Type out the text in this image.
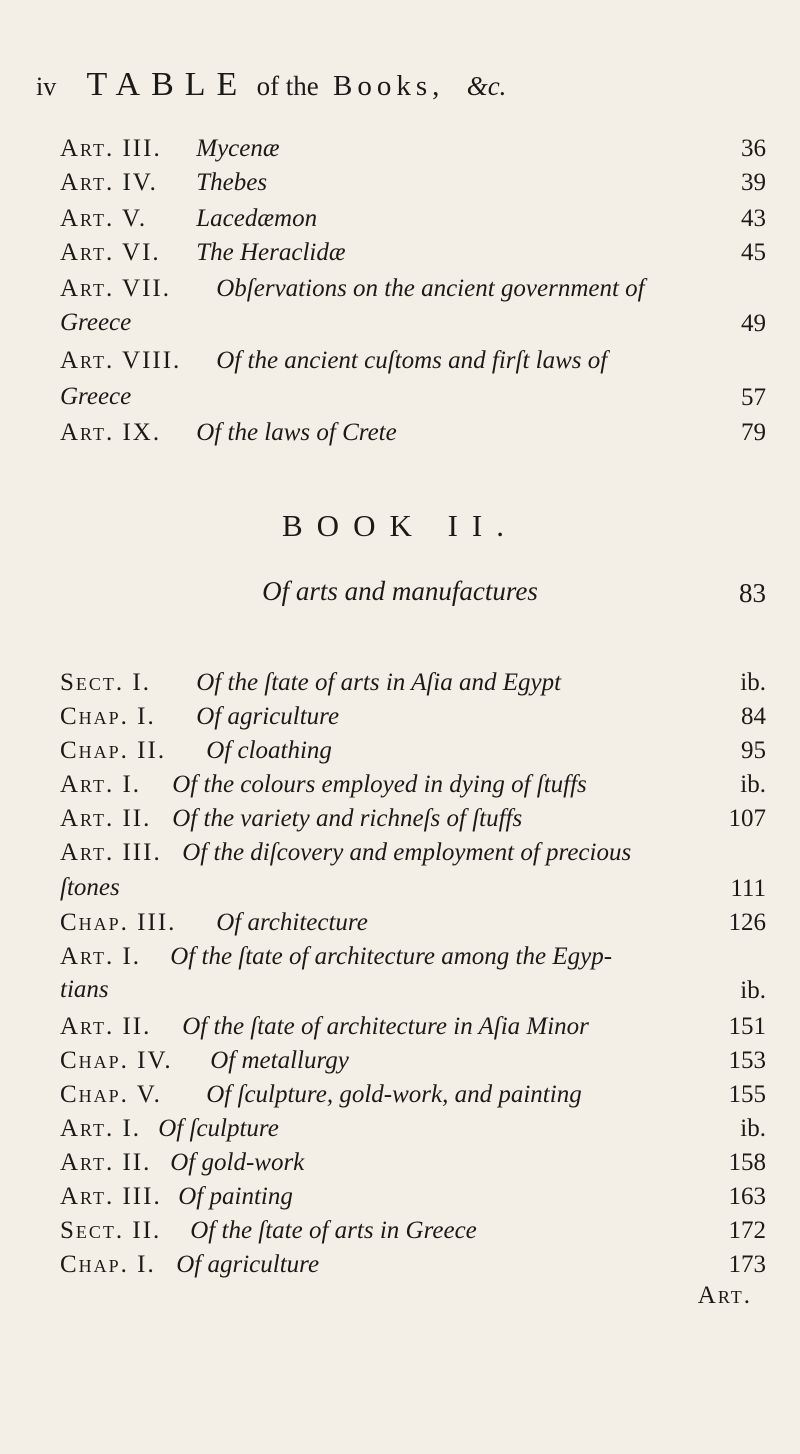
iv TABLE of the Books, &c.
Art. III. Mycenæ	36
Art. IV. Thebes	39
Art. V. Lacedæmon	43
Art. VI. The Heraclidæ	45
Art. VII. Obſervations on the ancient government of
Greece	49
Art. VIII. Of the ancient cuſtoms and firſt laws of
Greece	57
Art. IX. Of the laws of Crete	79
BOOK II.
Of arts and manufactures	83
Sect. I. Of the ſtate of arts in Aſia and Egypt	ib.
Chap. I. Of agriculture	84
Chap. II. Of cloathing	95
Art. I. Of the colours employed in dying of ſtuffs	ib.
Art. II. Of the variety and richneſs of ſtuffs	107
Art. III. Of the diſcovery and employment of precious
ſtones	111
Chap. III. Of architecture	126
Art. I. Of the ſtate of architecture among the Egyp-
tians	ib.
Art. II. Of the ſtate of architecture in Aſia Minor	151
Chap. IV. Of metallurgy	153
Chap. V. Of ſculpture, gold-work, and painting	155
Art. I. Of ſculpture	ib.
Art. II. Of gold-work	158
Art. III. Of painting	163
Sect. II. Of the ſtate of arts in Greece	172
Chap. I. Of agriculture	173
Art.
